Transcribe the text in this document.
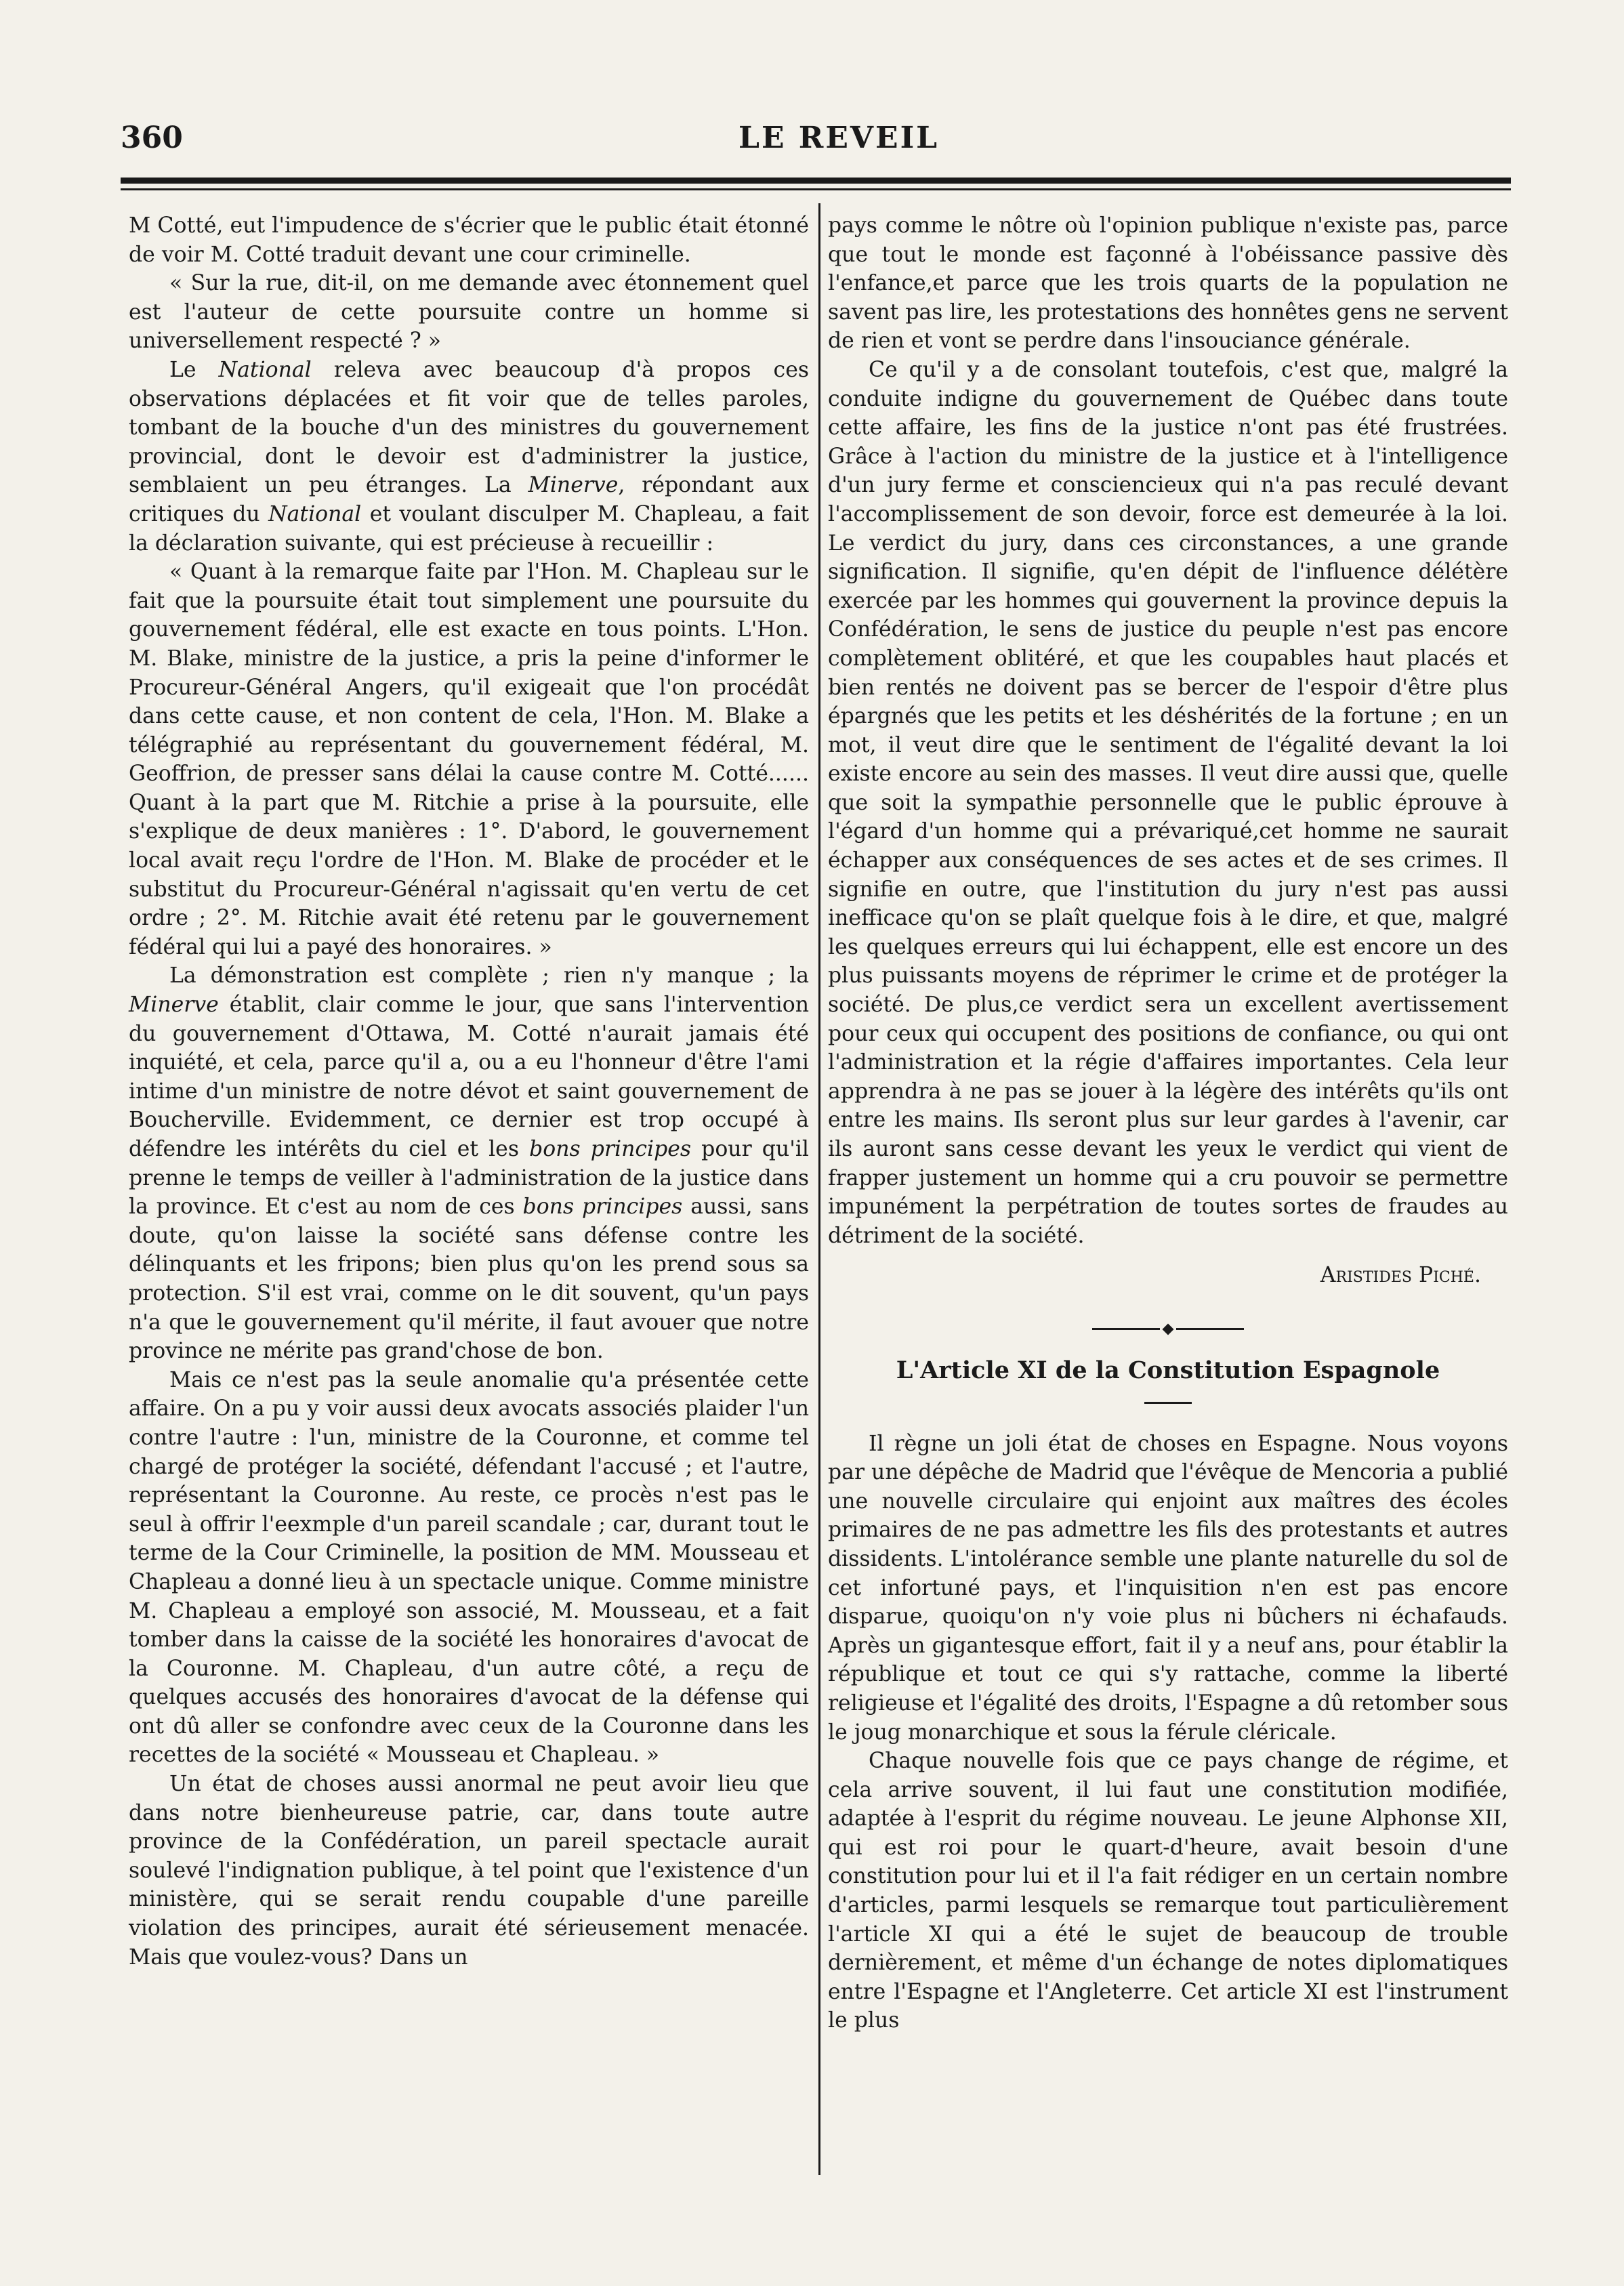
360	LE REVEIL

M Cotté, eut l'impudence de s'écrier que le public était étonné de voir M. Cotté traduit devant une cour criminelle.

« Sur la rue, dit-il, on me demande avec étonnement quel est l'auteur de cette poursuite contre un homme si universellement respecté ? »

Le National releva avec beaucoup d'à propos ces observations déplacées et fit voir que de telles paroles, tombant de la bouche d'un des ministres du gouvernement provincial, dont le devoir est d'administrer la justice, semblaient un peu étranges. La Minerve, répondant aux critiques du National et voulant disculper M. Chapleau, a fait la déclaration suivante, qui est précieuse à recueillir :

« Quant à la remarque faite par l'Hon. M. Chapleau sur le fait que la poursuite était tout simplement une poursuite du gouvernement fédéral, elle est exacte en tous points. L'Hon. M. Blake, ministre de la justice, a pris la peine d'informer le Procureur-Général Angers, qu'il exigeait que l'on procédât dans cette cause, et non content de cela, l'Hon. M. Blake a télégraphié au représentant du gouvernement fédéral, M. Geoffrion, de presser sans délai la cause contre M. Cotté...... Quant à la part que M. Ritchie a prise à la poursuite, elle s'explique de deux manières : 1°. D'abord, le gouvernement local avait reçu l'ordre de l'Hon. M. Blake de procéder et le substitut du Procureur-Général n'agissait qu'en vertu de cet ordre ; 2°. M. Ritchie avait été retenu par le gouvernement fédéral qui lui a payé des honoraires. »

La démonstration est complète ; rien n'y manque ; la Minerve établit, clair comme le jour, que sans l'intervention du gouvernement d'Ottawa, M. Cotté n'aurait jamais été inquiété, et cela, parce qu'il a, ou a eu l'honneur d'être l'ami intime d'un ministre de notre dévot et saint gouvernement de Boucherville. Evidemment, ce dernier est trop occupé à défendre les intérêts du ciel et les bons principes pour qu'il prenne le temps de veiller à l'administration de la justice dans la province. Et c'est au nom de ces bons principes aussi, sans doute, qu'on laisse la société sans défense contre les délinquants et les fripons; bien plus qu'on les prend sous sa protection. S'il est vrai, comme on le dit souvent, qu'un pays n'a que le gouvernement qu'il mérite, il faut avouer que notre province ne mérite pas grand'chose de bon.

Mais ce n'est pas la seule anomalie qu'a présentée cette affaire. On a pu y voir aussi deux avocats associés plaider l'un contre l'autre : l'un, ministre de la Couronne, et comme tel chargé de protéger la société, défendant l'accusé ; et l'autre, représentant la Couronne. Au reste, ce procès n'est pas le seul à offrir l'eexmple d'un pareil scandale ; car, durant tout le terme de la Cour Criminelle, la position de MM. Mousseau et Chapleau a donné lieu à un spectacle unique. Comme ministre M. Chapleau a employé son associé, M. Mousseau, et a fait tomber dans la caisse de la société les honoraires d'avocat de la Couronne. M. Chapleau, d'un autre côté, a reçu de quelques accusés des honoraires d'avocat de la défense qui ont dû aller se confondre avec ceux de la Couronne dans les recettes de la société « Mousseau et Chapleau. »

Un état de choses aussi anormal ne peut avoir lieu que dans notre bienheureuse patrie, car, dans toute autre province de la Confédération, un pareil spectacle aurait soulevé l'indignation publique, à tel point que l'existence d'un ministère, qui se serait rendu coupable d'une pareille violation des principes, aurait été sérieusement menacée. Mais que voulez-vous? Dans un

pays comme le nôtre où l'opinion publique n'existe pas, parce que tout le monde est façonné à l'obéissance passive dès l'enfance,et parce que les trois quarts de la population ne savent pas lire, les protestations des honnêtes gens ne servent de rien et vont se perdre dans l'insouciance générale.

Ce qu'il y a de consolant toutefois, c'est que, malgré la conduite indigne du gouvernement de Québec dans toute cette affaire, les fins de la justice n'ont pas été frustrées. Grâce à l'action du ministre de la justice et à l'intelligence d'un jury ferme et consciencieux qui n'a pas reculé devant l'accomplissement de son devoir, force est demeurée à la loi. Le verdict du jury, dans ces circonstances, a une grande signification. Il signifie, qu'en dépit de l'influence délétère exercée par les hommes qui gouvernent la province depuis la Confédération, le sens de justice du peuple n'est pas encore complètement oblitéré, et que les coupables haut placés et bien rentés ne doivent pas se bercer de l'espoir d'être plus épargnés que les petits et les déshérités de la fortune ; en un mot, il veut dire que le sentiment de l'égalité devant la loi existe encore au sein des masses. Il veut dire aussi que, quelle que soit la sympathie personnelle que le public éprouve à l'égard d'un homme qui a prévariqué,cet homme ne saurait échapper aux conséquences de ses actes et de ses crimes. Il signifie en outre, que l'institution du jury n'est pas aussi inefficace qu'on se plaît quelque fois à le dire, et que, malgré les quelques erreurs qui lui échappent, elle est encore un des plus puissants moyens de réprimer le crime et de protéger la société. De plus,ce verdict sera un excellent avertissement pour ceux qui occupent des positions de confiance, ou qui ont l'administration et la régie d'affaires importantes. Cela leur apprendra à ne pas se jouer à la légère des intérêts qu'ils ont entre les mains. Ils seront plus sur leur gardes à l'avenir, car ils auront sans cesse devant les yeux le verdict qui vient de frapper justement un homme qui a cru pouvoir se permettre impunément la perpétration de toutes sortes de fraudes au détriment de la société.

Aristides Piché.
L'Article XI de la Constitution Espagnole

Il règne un joli état de choses en Espagne. Nous voyons par une dépêche de Madrid que l'évêque de Mencoria a publié une nouvelle circulaire qui enjoint aux maîtres des écoles primaires de ne pas admettre les fils des protestants et autres dissidents. L'intolérance semble une plante naturelle du sol de cet infortuné pays, et l'inquisition n'en est pas encore disparue, quoiqu'on n'y voie plus ni bûchers ni échafauds. Après un gigantesque effort, fait il y a neuf ans, pour établir la république et tout ce qui s'y rattache, comme la liberté religieuse et l'égalité des droits, l'Espagne a dû retomber sous le joug monarchique et sous la férule cléricale.

Chaque nouvelle fois que ce pays change de régime, et cela arrive souvent, il lui faut une constitution modifiée, adaptée à l'esprit du régime nouveau. Le jeune Alphonse XII, qui est roi pour le quart-d'heure, avait besoin d'une constitution pour lui et il l'a fait rédiger en un certain nombre d'articles, parmi lesquels se remarque tout particulièrement l'article XI qui a été le sujet de beaucoup de trouble dernièrement, et même d'un échange de notes diplomatiques entre l'Espagne et l'Angleterre. Cet article XI est l'instrument le plus
